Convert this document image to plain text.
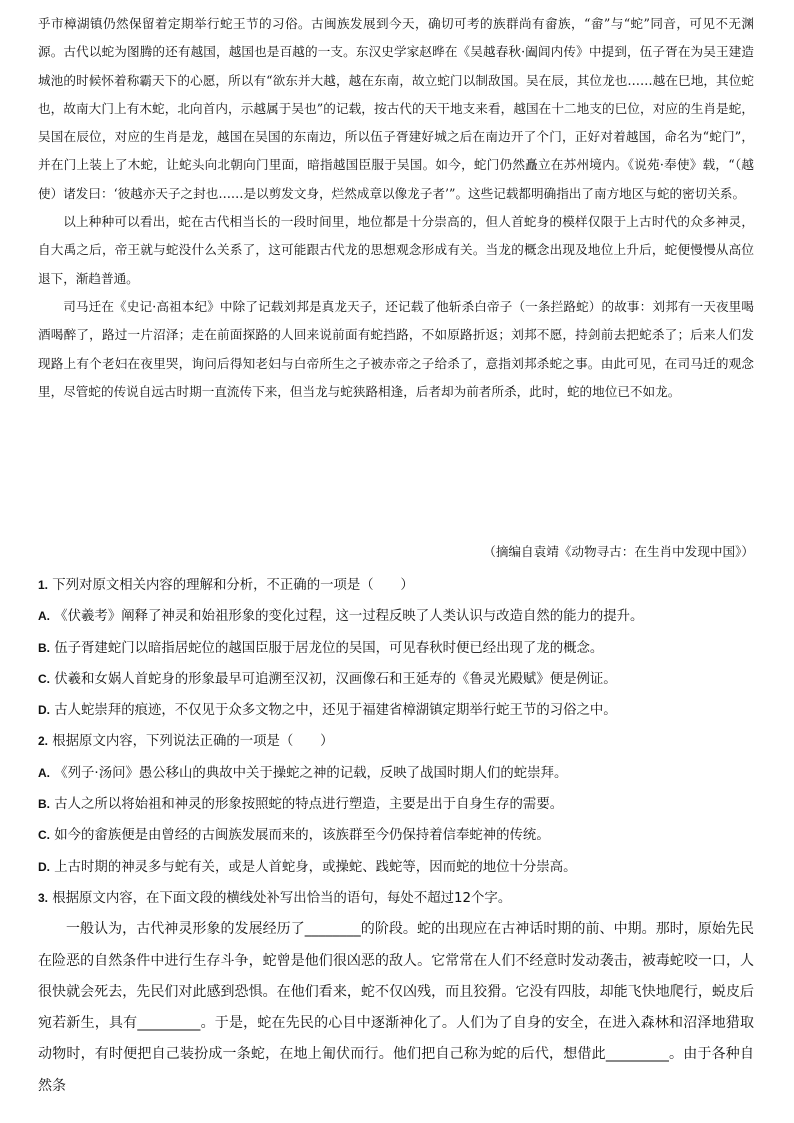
乎市樟湖镇仍然保留着定期举行蛇王节的习俗。古闽族发展到今天，确切可考的族群尚有畲族，“畲”与“蛇”同音，可见不无渊源。古代以蛇为图腾的还有越国，越国也是百越的一支。东汉史学家赵晔在《吴越春秋·阖闾内传》中提到，伍子胥在为吴王建造城池的时候怀着称霸天下的心愿，所以有“欲东并大越，越在东南，故立蛇门以制敌国。吴在辰，其位龙也……越在巳地，其位蛇也，故南大门上有木蛇，北向首内，示越属于吴也”的记载，按古代的天干地支来看，越国在十二地支的巳位，对应的生肖是蛇，吴国在辰位，对应的生肖是龙，越国在吴国的东南边，所以伍子胥建好城之后在南边开了个门，正好对着越国，命名为“蛇门”，并在门上装上了木蛇，让蛇头向北朝向门里面，暗指越国臣服于吴国。如今，蛇门仍然矗立在苏州境内。《说苑·奉使》载，“（越使）诸发曰：‘彼越亦天子之封也……是以剪发文身，烂然成章以像龙子者’”。这些记载都明确指出了南方地区与蛇的密切关系。

以上种种可以看出，蛇在古代相当长的一段时间里，地位都是十分崇高的，但人首蛇身的模样仅限于上古时代的众多神灵，自大禹之后，帝王就与蛇没什么关系了，这可能跟古代龙的思想观念形成有关。当龙的概念出现及地位上升后，蛇便慢慢从高位退下，渐趋普通。

司马迁在《史记·高祖本纪》中除了记载刘邦是真龙天子，还记载了他斩杀白帝子（一条拦路蛇）的故事：刘邦有一天夜里喝酒喝醉了，路过一片沼泽；走在前面探路的人回来说前面有蛇挡路，不如原路折返；刘邦不愿，持剑前去把蛇杀了；后来人们发现路上有个老妇在夜里哭，询问后得知老妇与白帝所生之子被赤帝之子给杀了，意指刘邦杀蛇之事。由此可见，在司马迁的观念里，尽管蛇的传说自远古时期一直流传下来，但当龙与蛇狭路相逢，后者却为前者所杀，此时，蛇的地位已不如龙。

（摘编自袁靖《动物寻古：在生肖中发现中国》）

1. 下列对原文相关内容的理解和分析，不正确的一项是（　　）

A. 《伏羲考》阐释了神灵和始祖形象的变化过程，这一过程反映了人类认识与改造自然的能力的提升。

B. 伍子胥建蛇门以暗指居蛇位的越国臣服于居龙位的吴国，可见春秋时便已经出现了龙的概念。

C. 伏羲和女娲人首蛇身的形象最早可追溯至汉初，汉画像石和王延寿的《鲁灵光殿赋》便是例证。

D. 古人蛇崇拜的痕迹，不仅见于众多文物之中，还见于福建省樟湖镇定期举行蛇王节的习俗之中。

2. 根据原文内容，下列说法正确的一项是（　　）

A. 《列子·汤问》愚公移山的典故中关于操蛇之神的记载，反映了战国时期人们的蛇崇拜。

B. 古人之所以将始祖和神灵的形象按照蛇的特点进行塑造，主要是出于自身生存的需要。

C. 如今的畲族便是由曾经的古闽族发展而来的，该族群至今仍保持着信奉蛇神的传统。

D. 上古时期的神灵多与蛇有关，或是人首蛇身，或操蛇、践蛇等，因而蛇的地位十分崇高。

3. 根据原文内容，在下面文段的横线处补写出恰当的语句，每处不超过12个字。

一般认为，古代神灵形象的发展经历了________的阶段。蛇的出现应在古神话时期的前、中期。那时，原始先民在险恶的自然条件中进行生存斗争，蛇曾是他们很凶恶的敌人。它常常在人们不经意时发动袭击，被毒蛇咬一口，人很快就会死去，先民们对此感到恐惧。在他们看来，蛇不仅凶残，而且狡猾。它没有四肢，却能飞快地爬行，蜕皮后宛若新生，具有_________。于是，蛇在先民的心目中逐渐神化了。人们为了自身的安全，在进入森林和沼泽地猎取动物时，有时便把自己装扮成一条蛇，在地上匍伏而行。他们把自己称为蛇的后代，想借此_________。由于各种自然条
